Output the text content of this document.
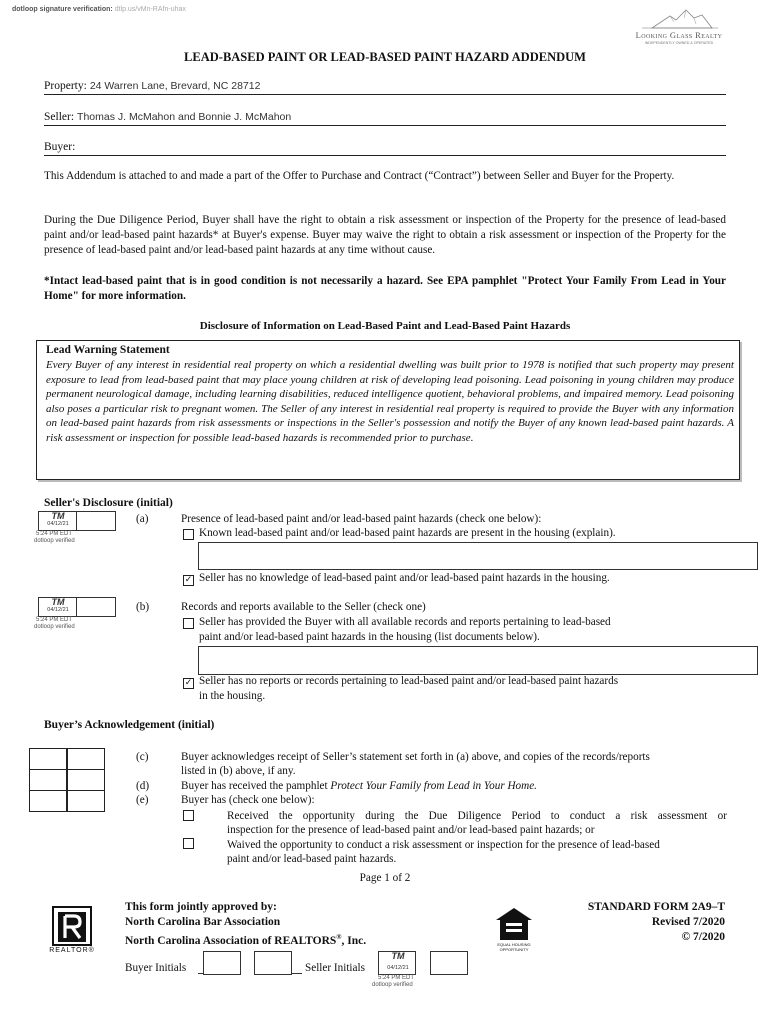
dotloop signature verification: dtlp.us/vMn-RAfn-uhax
Looking Glass Realty
INDEPENDENTLY OWNED & OPERATED
LEAD-BASED PAINT OR LEAD-BASED PAINT HAZARD ADDENDUM
Property: 24 Warren Lane, Brevard, NC 28712
Seller: Thomas J. McMahon and Bonnie J. McMahon
Buyer:
This Addendum is attached to and made a part of the Offer to Purchase and Contract (“Contract”) between Seller and Buyer for the Property.
During the Due Diligence Period, Buyer shall have the right to obtain a risk assessment or inspection of the Property for the presence of lead-based paint and/or lead-based paint hazards* at Buyer's expense. Buyer may waive the right to obtain a risk assessment or inspection of the Property for the presence of lead-based paint and/or lead-based paint hazards at any time without cause.
*Intact lead-based paint that is in good condition is not necessarily a hazard. See EPA pamphlet "Protect Your Family From Lead in Your Home" for more information.
Disclosure of Information on Lead-Based Paint and Lead-Based Paint Hazards
Lead Warning Statement
Every Buyer of any interest in residential real property on which a residential dwelling was built prior to 1978 is notified that such property may present exposure to lead from lead-based paint that may place young children at risk of developing lead poisoning. Lead poisoning in young children may produce permanent neurological damage, including learning disabilities, reduced intelligence quotient, behavioral problems, and impaired memory. Lead poisoning also poses a particular risk to pregnant women. The Seller of any interest in residential real property is required to provide the Buyer with any information on lead-based paint hazards from risk assessments or inspections in the Seller's possession and notify the Buyer of any known lead-based paint hazards. A risk assessment or inspection for possible lead-based hazards is recommended prior to purchase.
Seller's Disclosure (initial)
TM
04/12/21
5:24 PM EDT
dotloop verified
(a)	Presence of lead-based paint and/or lead-based paint hazards (check one below):
Known lead-based paint and/or lead-based paint hazards are present in the housing (explain).
✓ Seller has no knowledge of lead-based paint and/or lead-based paint hazards in the housing.
TM
04/12/21
5:24 PM EDT
dotloop verified
(b)	Records and reports available to the Seller (check one)
Seller has provided the Buyer with all available records and reports pertaining to lead-based
paint and/or lead-based paint hazards in the housing (list documents below).
✓ Seller has no reports or records pertaining to lead-based paint and/or lead-based paint hazards
in the housing.
Buyer’s Acknowledgement (initial)
(c)	Buyer acknowledges receipt of Seller’s statement set forth in (a) above, and copies of the records/reports
listed in (b) above, if any.
(d)	Buyer has received the pamphlet Protect Your Family from Lead in Your Home.
(e)	Buyer has (check one below):
Received the opportunity during the Due Diligence Period to conduct a risk assessment or
inspection for the presence of lead-based paint and/or lead-based paint hazards; or
Waived the opportunity to conduct a risk assessment or inspection for the presence of lead-based
paint and/or lead-based paint hazards.
Page 1 of 2
REALTOR®
This form jointly approved by:
North Carolina Bar Association
North Carolina Association of REALTORS®, Inc.	EQUAL HOUSING OPPORTUNITY
STANDARD FORM 2A9–T
Revised 7/2020
© 7/2020
Buyer Initials	Seller Initials
TM
04/12/21
5:24 PM EDT
dotloop verified
